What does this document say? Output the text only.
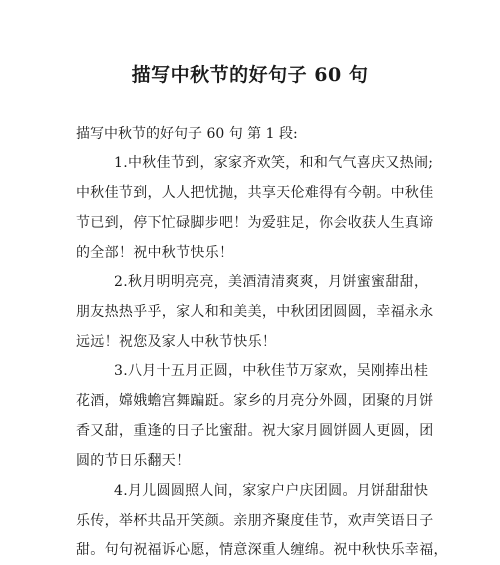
描写中秋节的好句子 60 句
描写中秋节的好句子 60 句 第 1 段:
1.中秋佳节到，家家齐欢笑，和和气气喜庆又热闹;
中秋佳节到，人人把忧抛，共享天伦难得有今朝。中秋佳
节已到，停下忙碌脚步吧！为爱驻足，你会收获人生真谛
的全部！祝中秋节快乐！
2.秋月明明亮亮，美酒清清爽爽，月饼蜜蜜甜甜，
朋友热热乎乎，家人和和美美，中秋团团圆圆，幸福永永
远远！祝您及家人中秋节快乐！
3.八月十五月正圆，中秋佳节万家欢，吴刚捧出桂
花酒，嫦娥蟾宫舞蹁跹。家乡的月亮分外圆，团聚的月饼
香又甜，重逢的日子比蜜甜。祝大家月圆饼圆人更圆，团
圆的节日乐翻天！
4.月儿圆圆照人间，家家户户庆团圆。月饼甜甜快
乐传，举杯共品开笑颜。亲朋齐聚度佳节，欢声笑语日子
甜。句句祝福诉心愿，情意深重人缠绵。祝中秋快乐幸福，
